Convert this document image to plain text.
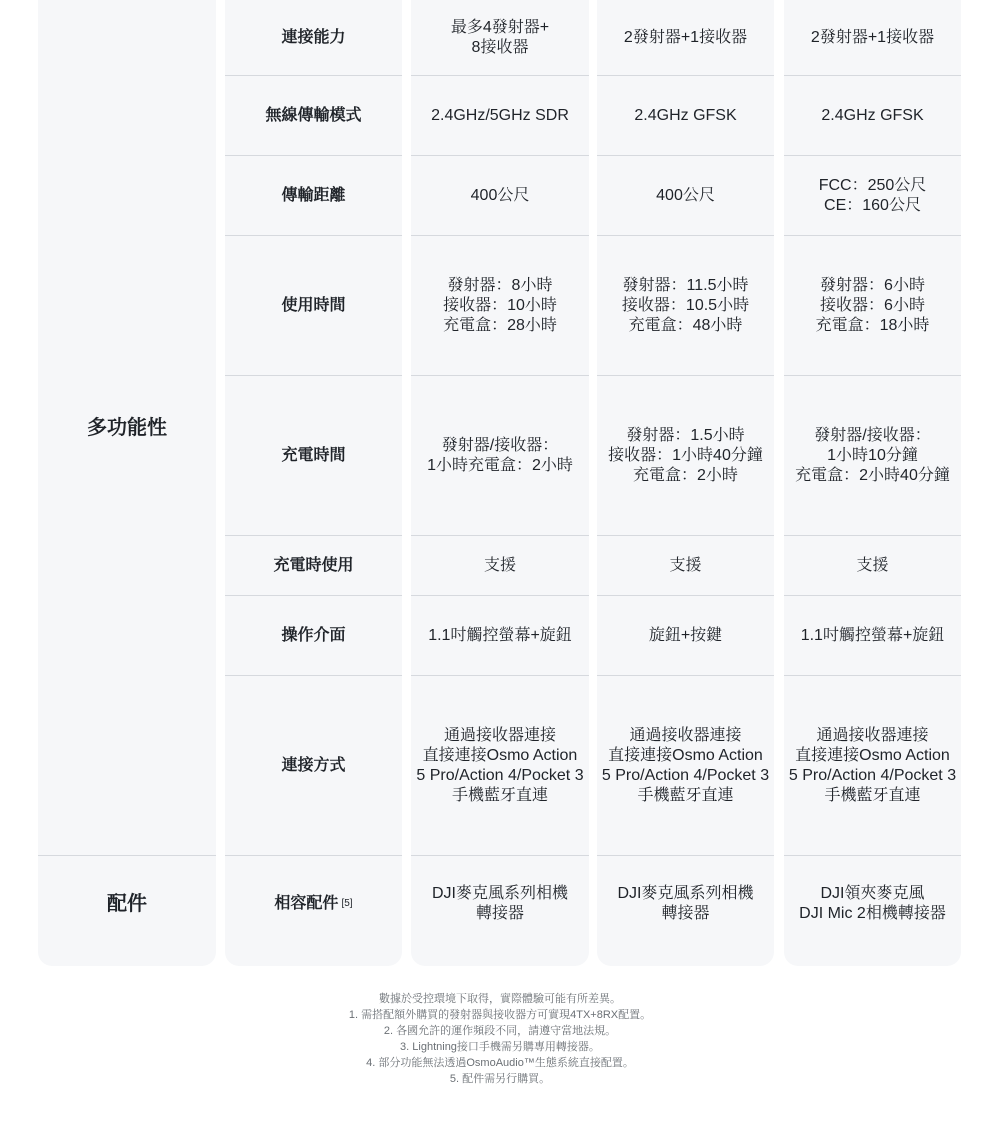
多功能性
配件
連接能力
無線傳輸模式
傳輸距離
使用時間
充電時間
充電時使用
操作介面
連接方式
相容配件 [5]
最多4發射器+
8接收器
2.4GHz/5GHz SDR
400公尺
發射器：8小時
接收器：10小時
充電盒：28小時
發射器/接收器：
1小時充電盒：2小時
支援
1.1吋觸控螢幕+旋鈕
通過接收器連接
直接連接Osmo Action
5 Pro/Action 4/Pocket 3
手機藍牙直連
DJI麥克風系列相機
轉接器
2發射器+1接收器
2.4GHz GFSK
400公尺
發射器：11.5小時
接收器：10.5小時
充電盒：48小時
發射器：1.5小時
接收器：1小時40分鐘
充電盒：2小時
支援
旋鈕+按鍵
通過接收器連接
直接連接Osmo Action
5 Pro/Action 4/Pocket 3
手機藍牙直連
DJI麥克風系列相機
轉接器
2發射器+1接收器
2.4GHz GFSK
FCC：250公尺
CE：160公尺
發射器：6小時
接收器：6小時
充電盒：18小時
發射器/接收器：
1小時10分鐘
充電盒：2小時40分鐘
支援
1.1吋觸控螢幕+旋鈕
通過接收器連接
直接連接Osmo Action
5 Pro/Action 4/Pocket 3
手機藍牙直連
DJI領夾麥克風
DJI Mic 2相機轉接器
數據於受控環境下取得，實際體驗可能有所差異。
1. 需搭配額外購買的發射器與接收器方可實現4TX+8RX配置。
2. 各國允許的運作頻段不同，請遵守當地法規。
3. Lightning接口手機需另購專用轉接器。
4. 部分功能無法透過OsmoAudio™生態系統直接配置。
5. 配件需另行購買。
